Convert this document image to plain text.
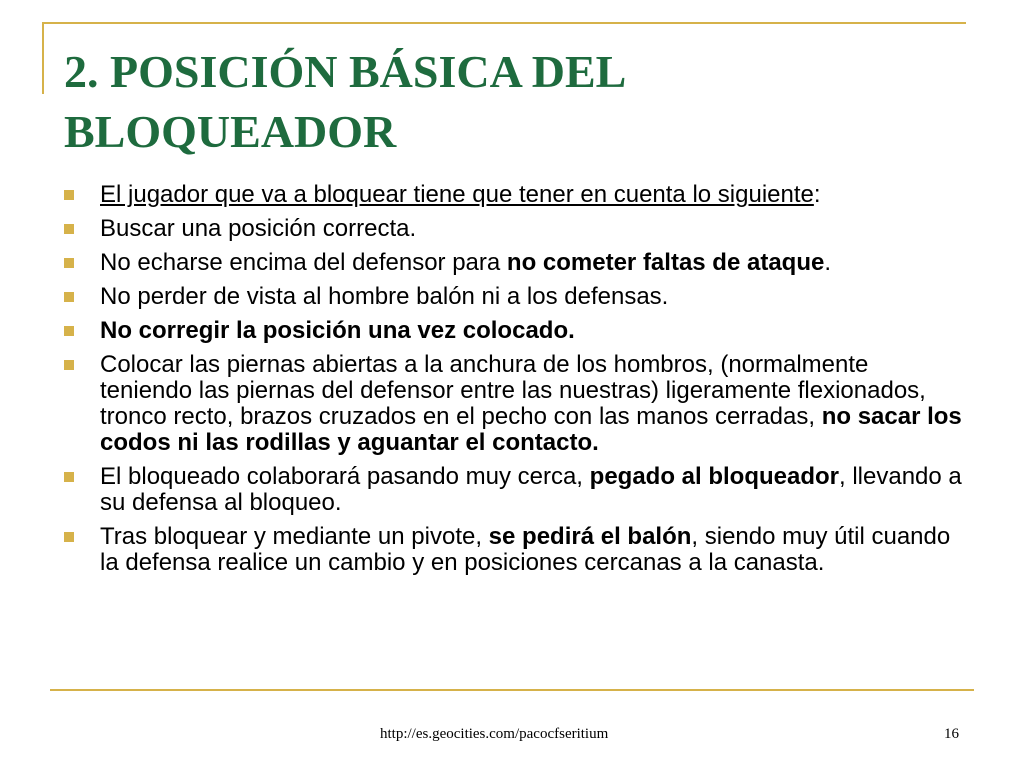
2. POSICIÓN BÁSICA DEL BLOQUEADOR
El jugador que va a bloquear tiene que tener en cuenta lo siguiente:
Buscar una posición correcta.
No echarse encima del defensor para no cometer faltas de ataque.
No perder de vista al hombre balón ni a los defensas.
No corregir la posición una vez colocado.
Colocar las piernas abiertas a la anchura de los hombros, (normalmente teniendo las piernas del defensor entre las nuestras) ligeramente flexionados, tronco recto, brazos cruzados en el pecho con las manos cerradas, no sacar los codos ni las rodillas y aguantar el contacto.
El bloqueado colaborará pasando muy cerca, pegado al bloqueador, llevando a su defensa al bloqueo.
Tras bloquear y mediante un pivote, se pedirá el balón, siendo muy útil cuando la defensa realice un cambio y en posiciones cercanas a la canasta.
http://es.geocities.com/pacocfseritium	16
